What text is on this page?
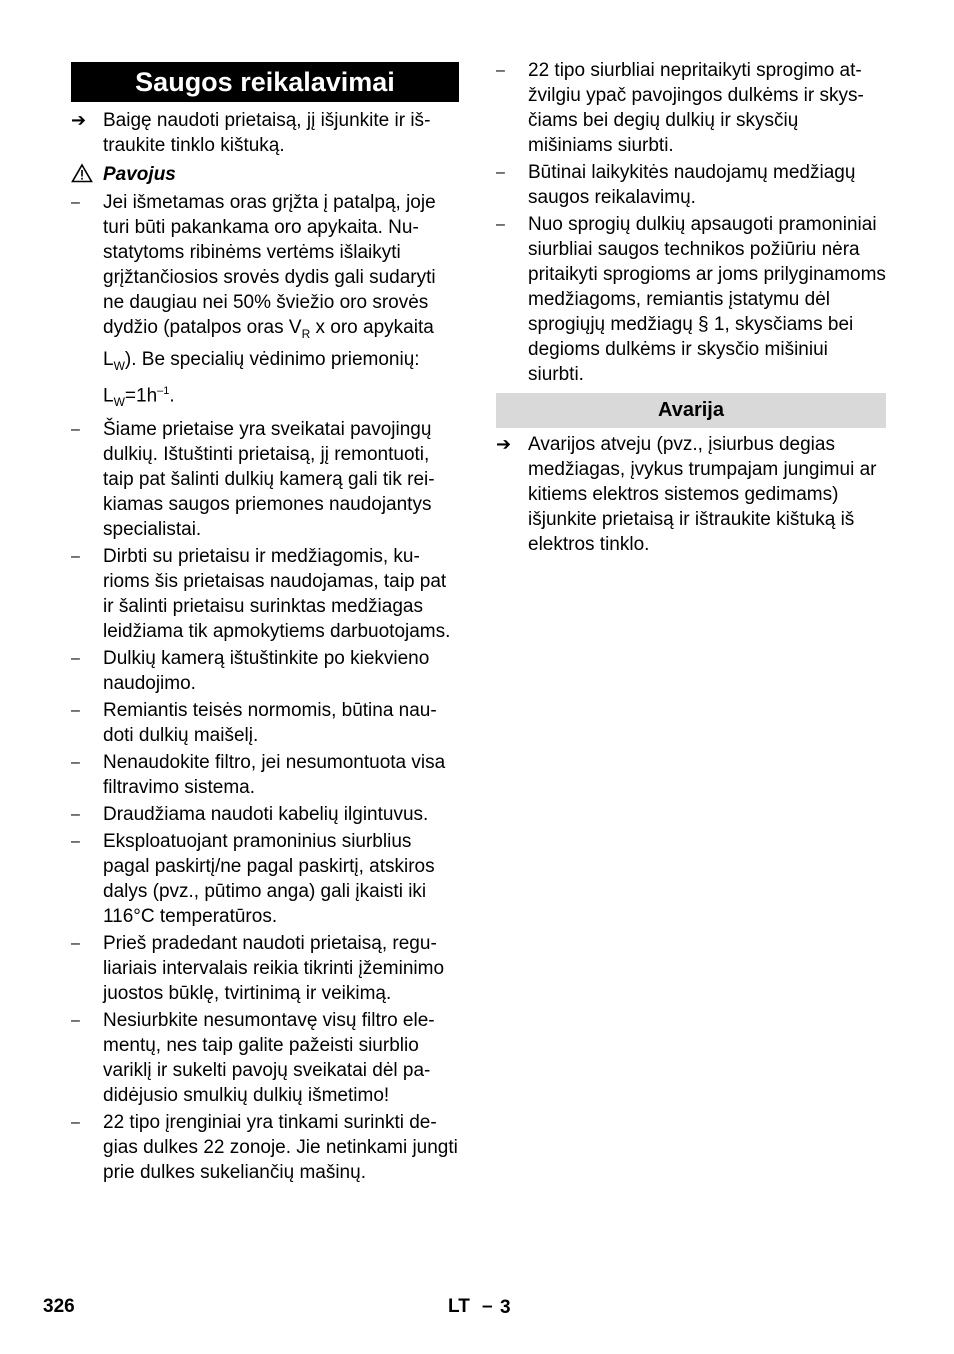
Saugos reikalavimai
➔ Baigę naudoti prietaisą, jį išjunkite ir ištraukite tinklo kištuką.
Pavojus
–	Jei išmetamas oras grįžta į patalpą, joje
turi būti pakankama oro apykaita. Nu-
statytoms ribinėms vertėms išlaikyti
grįžtančiosios srovės dydis gali sudaryti
ne daugiau nei 50% šviežio oro srovės
dydžio (patalpos oras $V_R$ x oro apykaita
$L_W$). Be specialių vėdinimo priemonių:
$L_W=1h^{-1}$.
–	Šiame prietaise yra sveikatai pavojingų dulkių. Ištuštinti prietaisą, jį remontuoti, taip pat šalinti dulkių kamerą gali tik reikiamas saugos priemones naudojantys specialistai.
–	Dirbti su prietaisu ir medžiagomis, kurioms šis prietaisas naudojamas, taip pat ir šalinti prietaisu surinktas medžiagas leidžiama tik apmokytiems darbuotojams.
–	Dulkių kamerą ištuštinkite po kiekvieno naudojimo.
–	Remiantis teisės normomis, būtina naudoti dulkių maišelį.
–	Nenaudokite filtro, jei nesumontuota visa filtravimo sistema.
–	Draudžiama naudoti kabelių ilgintuvus.
–	Eksploatuojant pramoninius siurblius pagal paskirtį/ne pagal paskirtį, atskiros dalys (pvz., pūtimo anga) gali įkaisti iki 116°C temperatūros.
–	Prieš pradedant naudoti prietaisą, reguliariais intervalais reikia tikrinti įžeminimo juostos būklę, tvirtinimą ir veikimą.
–	Nesiurbkite nesumontavę visų filtro elementų, nes taip galite pažeisti siurblio variklį ir sukelti pavojų sveikatai dėl padidėjusio smulkių dulkių išmetimo!
–	22 tipo įrenginiai yra tinkami surinkti degias dulkes 22 zonoje. Jie netinkami jungti prie dulkes sukeliančių mašinų.
–	22 tipo siurbliai nepritaikyti sprogimo atžvilgiu ypač pavojingos dulkėms ir skysčiams bei degių dulkių ir skysčių mišiniams siurbti.
–	Būtinai laikykitės naudojamų medžiagų saugos reikalavimų.
–	Nuo sprogių dulkių apsaugoti pramoniniai siurbliai saugos technikos požiūriu nėra pritaikyti sprogioms ar joms prilyginamoms medžiagoms, remiantis įstatymu dėl sprogiųjų medžiagų § 1, skysčiams bei degioms dulkėms ir skysčio mišiniui siurbti.
Avarija
➔ Avarijos atveju (pvz., įsiurbus degias medžiagas, įvykus trumpajam jungimui ar kitiems elektros sistemos gedimams) išjunkite prietaisą ir ištraukite kištuką iš elektros tinklo.
326	LT – 3
